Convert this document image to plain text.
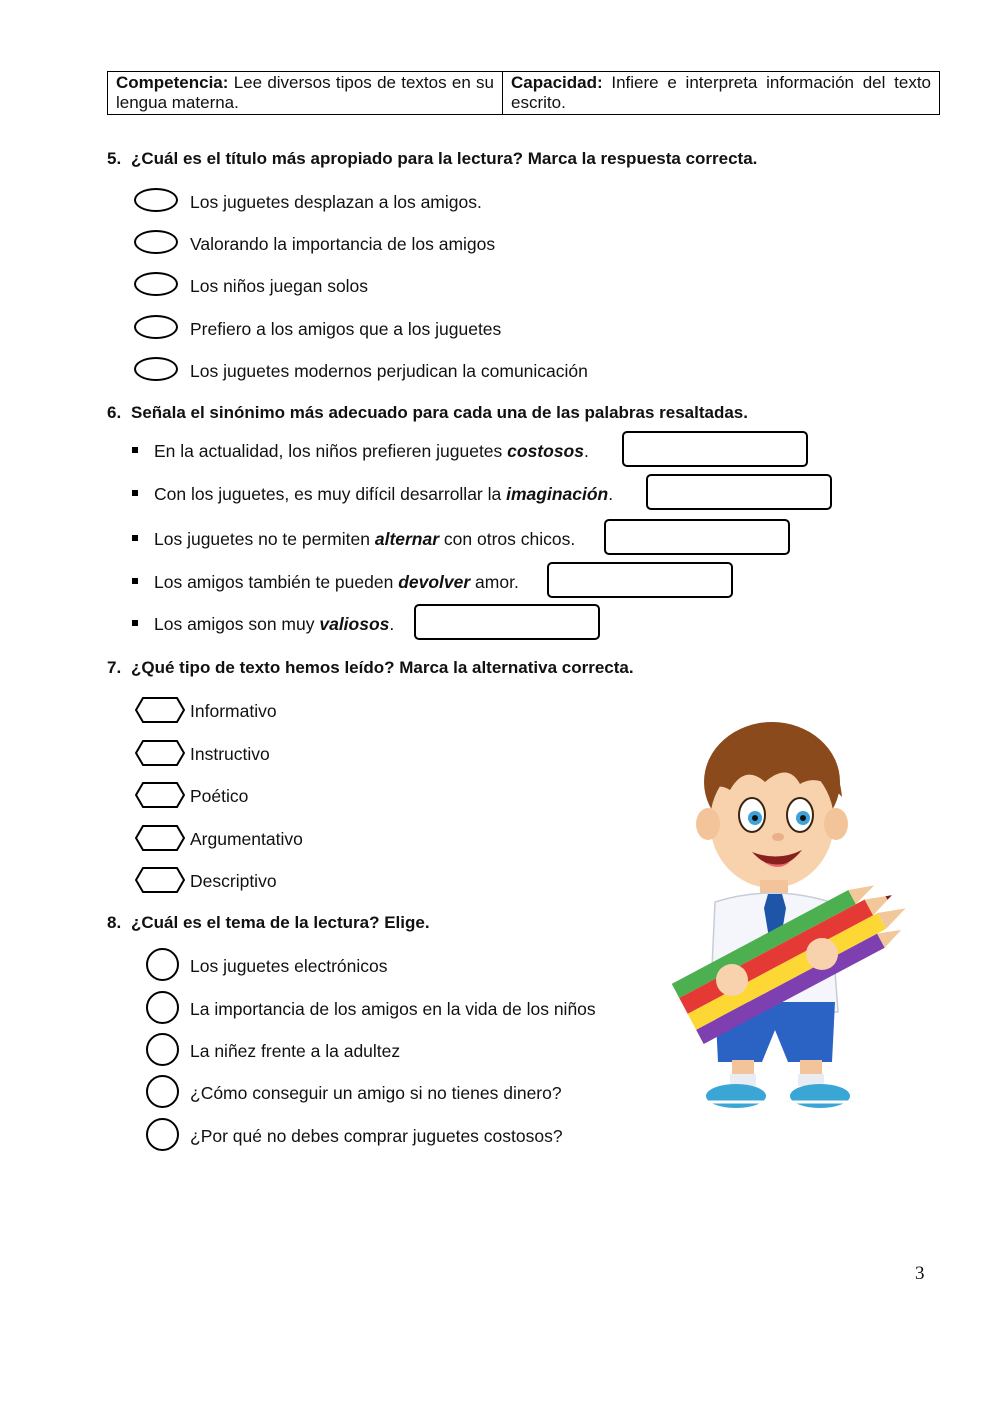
Competencia: Lee diversos tipos de textos en su lengua materna.
Capacidad: Infiere e interpreta información del texto escrito.
5. ¿Cuál es el título más apropiado para la lectura? Marca la respuesta correcta.
Los juguetes desplazan a los amigos.
Valorando la importancia de los amigos
Los niños juegan solos
Prefiero a los amigos que a los juguetes
Los juguetes modernos perjudican la comunicación
6. Señala el sinónimo más adecuado para cada una de las palabras resaltadas.
En la actualidad, los niños prefieren juguetes costosos.
Con los juguetes, es muy difícil desarrollar la imaginación.
Los juguetes no te permiten alternar con otros chicos.
Los amigos también te pueden devolver amor.
Los amigos son muy valiosos.
7. ¿Qué tipo de texto hemos leído? Marca la alternativa correcta.
Informativo
Instructivo
Poético
Argumentativo
Descriptivo
8. ¿Cuál es el tema de la lectura? Elige.
Los juguetes electrónicos
La importancia de los amigos en la vida de los niños
La niñez frente a la adultez
¿Cómo conseguir un amigo si no tienes dinero?
¿Por qué no debes comprar juguetes costosos?
3
